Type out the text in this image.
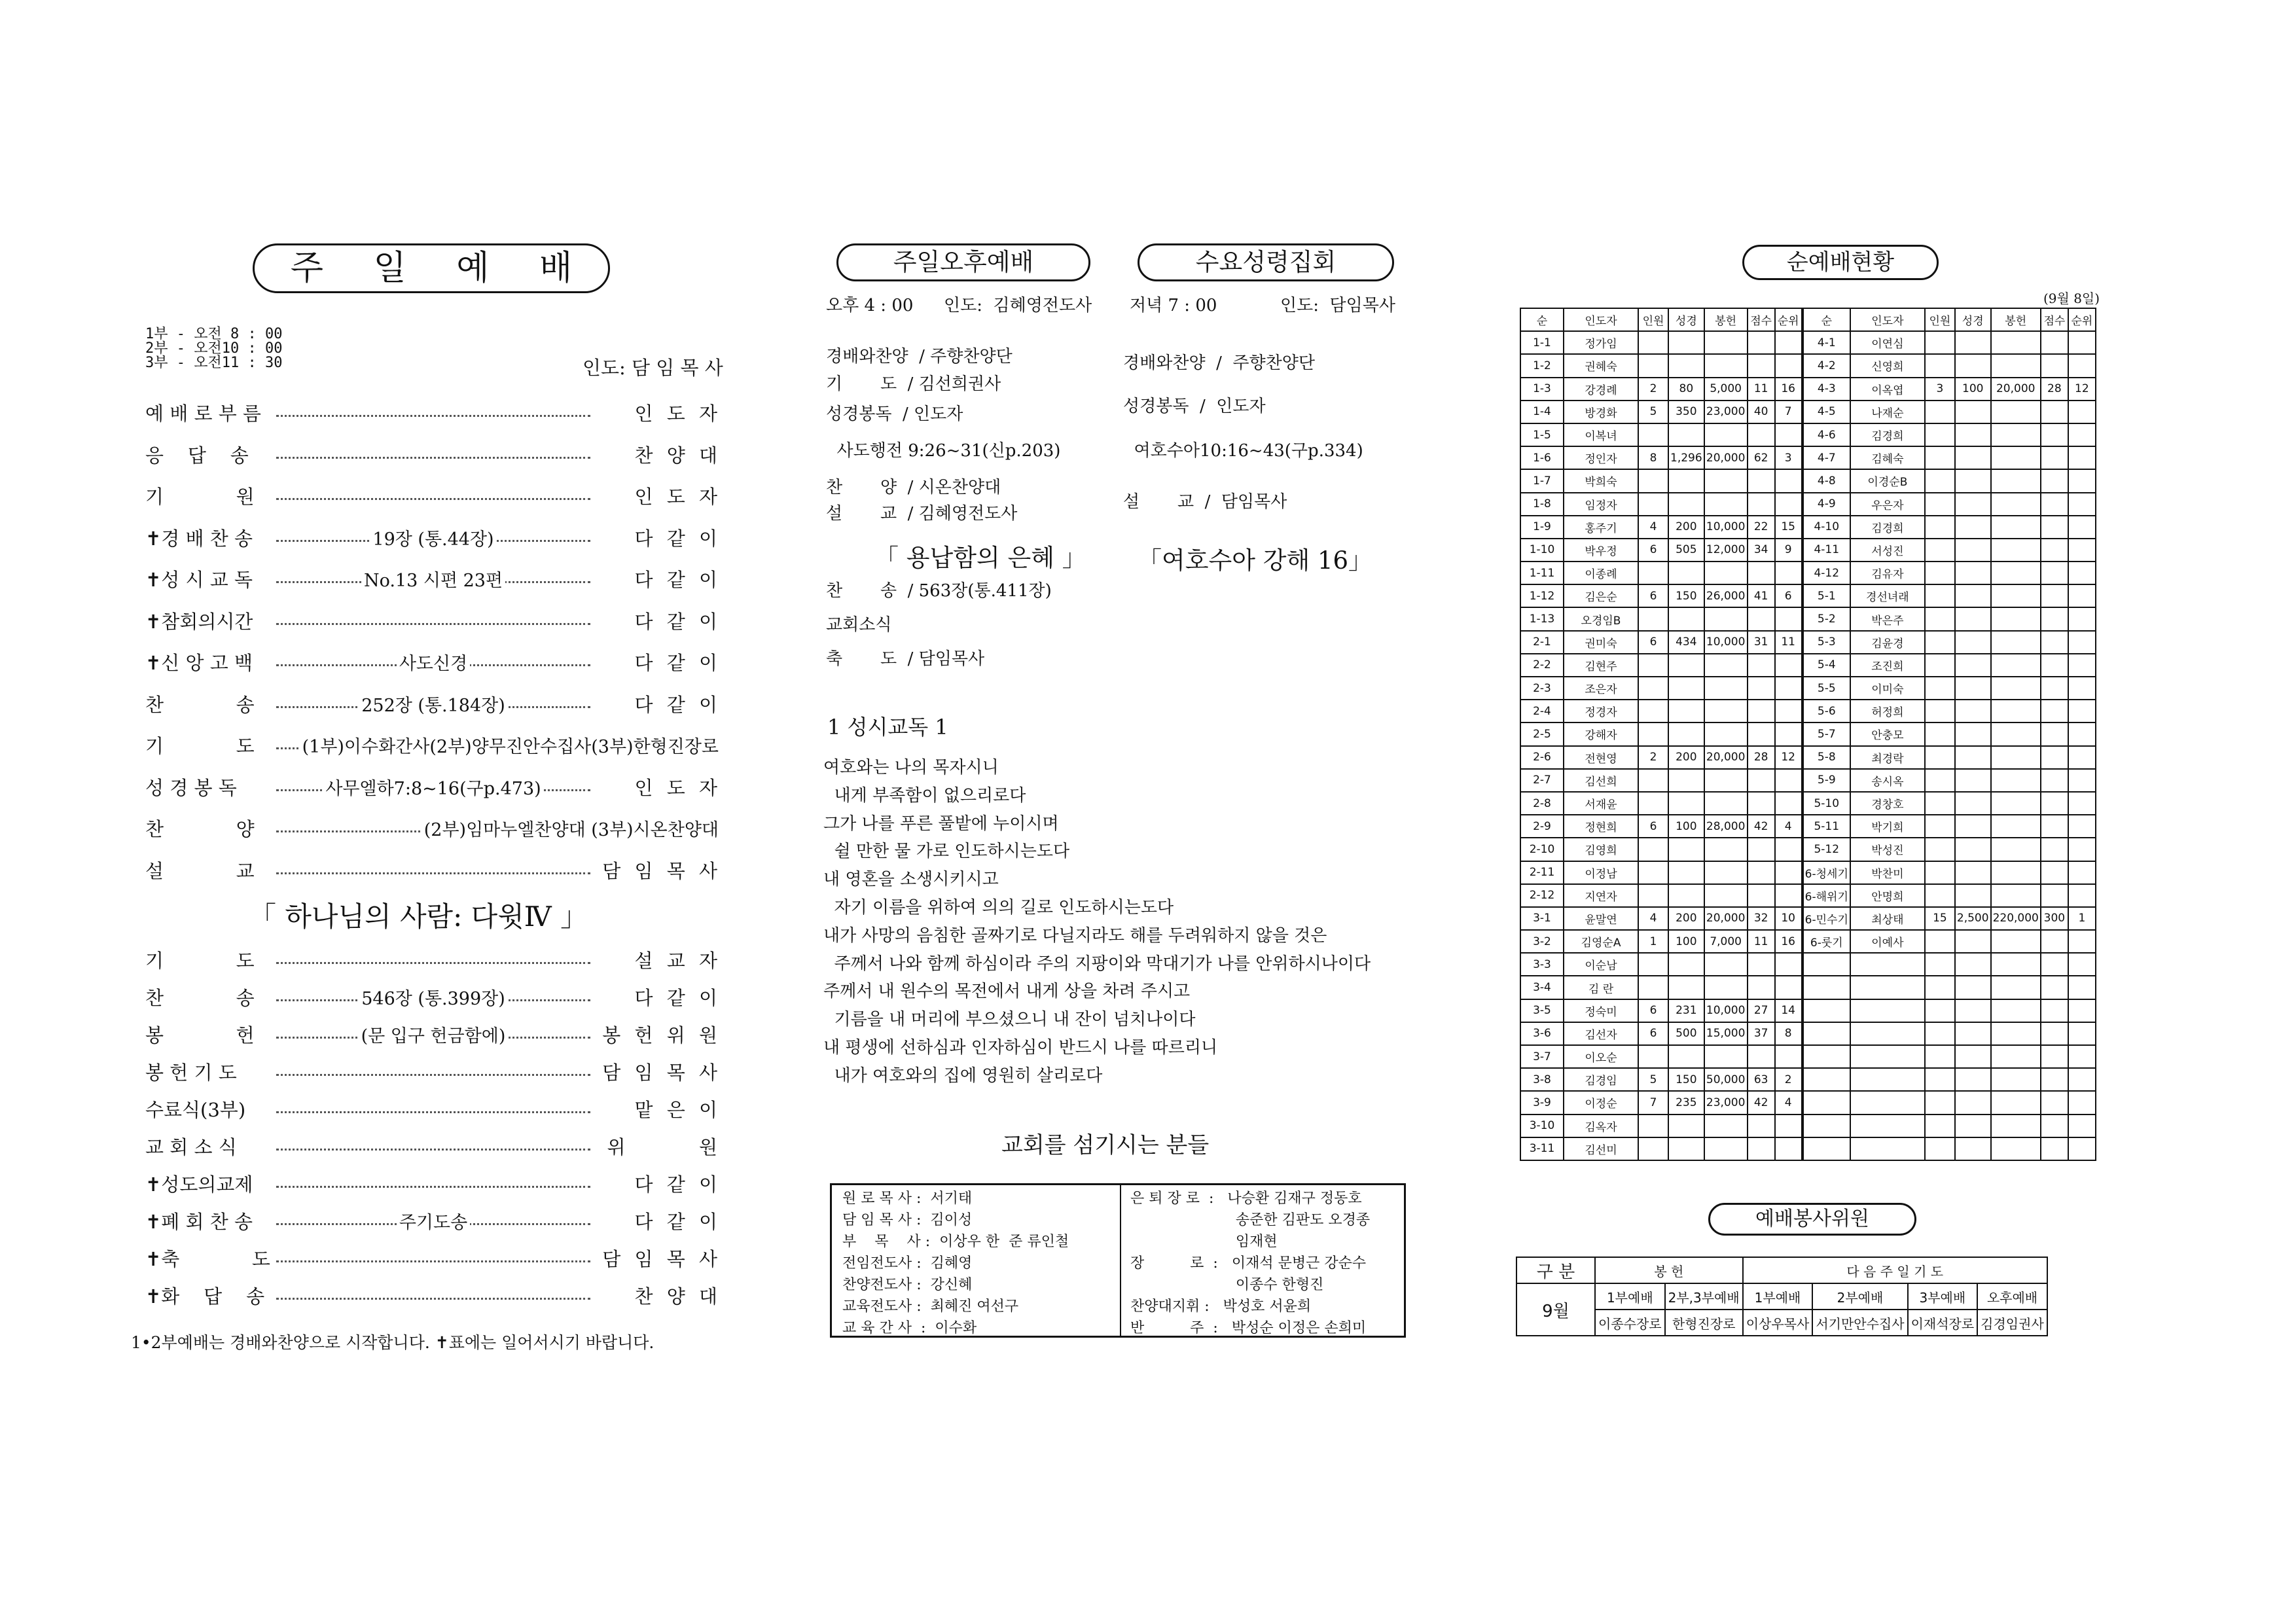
주 일 예 배
1부 - 오전 8 : 00
2부 - 오전10 : 00
3부 - 오전11 : 30	인도: 담 임 목 사
예 배 로 부 름	인 도 자
응    답    송	찬 양 대
기            원	인 도 자
✝경 배 찬 송	19장 (통.44장)	다 같 이
✝성 시 교 독	No.13 시편 23편	다 같 이
✝참회의시간	다 같 이
✝신 앙 고 백	사도신경	다 같 이
찬            송	252장 (통.184장)	다 같 이
기            도	(1부)이수화간사(2부)양무진안수집사(3부)한형진장로
성 경 봉 독	사무엘하7:8~16(구p.473)	인 도 자
찬            양	(2부)임마누엘찬양대 (3부)시온찬양대
설            교	담 임 목 사
「 하나님의 사람: 다윗Ⅳ 」
기            도	설 교 자
찬            송	546장 (통.399장)	다 같 이
봉            헌	(문 입구 헌금함에)	봉 헌 위 원
봉 헌 기 도	담 임 목 사
수료식(3부)	맡 은 이
교 회 소 식	위       원
✝성도의교제	다 같 이
✝폐 회 찬 송	주기도송	다 같 이
✝축            도	담 임 목 사
✝화    답    송	찬 양 대
1•2부예배는 경배와찬양으로 시작합니다. ✝표에는 일어서시기 바랍니다.
주일오후예배	수요성령집회
오후 4 : 00 인도:  김혜영전도사 저녁 7 : 00	인도:  담임목사
경배와찬양  / 주향찬양단
기       도  / 김선희권사
성경봉독  / 인도자
사도행전 9:26~31(신p.203)
찬       양  / 시온찬양대
설       교  / 김혜영전도사
「 용납함의 은혜 」
찬       송  / 563장(통.411장)
교회소식
축       도  / 담임목사
경배와찬양  /  주향찬양단
성경봉독  /  인도자
여호수아10:16~43(구p.334)
설       교  /  담임목사
「여호수아 강해 16」
1 성시교독 1
여호와는 나의 목자시니
내게 부족함이 없으리로다
그가 나를 푸른 풀밭에 누이시며
쉴 만한 물 가로 인도하시는도다
내 영혼을 소생시키시고
자기 이름을 위하여 의의 길로 인도하시는도다
내가 사망의 음침한 골짜기로 다닐지라도 해를 두려워하지 않을 것은
주께서 나와 함께 하심이라 주의 지팡이와 막대기가 나를 안위하시나이다
주께서 내 원수의 목전에서 내게 상을 차려 주시고
기름을 내 머리에 부으셨으니 내 잔이 넘치나이다
내 평생에 선하심과 인자하심이 반드시 나를 따르리니
내가 여호와의 집에 영원히 살리로다
교회를 섬기시는 분들
원 로 목 사 :  서기태
담 임 목 사 :  김이성
부    목    사 :  이상우 한  준 류인철
전임전도사 :  김혜영
찬양전도사 :  강신혜
교육전도사 :  최혜진 여선구
교 육 간 사  :  이수화
은 퇴 장 로  :   나승환 김재구 정동호
송준한 김판도 오경종
임재현
장          로  :   이재석 문병근 강순수
이종수 한형진
찬양대지휘 :   박성호 서윤희
반          주  :   박성순 이정은 손희미
순예배현황
(9월 8일)
순	인도자	인원	성경	봉헌	점수	순위	순	인도자	인원	성경	봉헌	점수	순위
1-1	정가임						4-1	이연심					
1-2	권혜숙						4-2	신영희					
1-3	강경례	2	80	5,000	11	16	4-3	이옥엽	3	100	20,000	28	12
1-4	방경화	5	350	23,000	40	7	4-5	나재순					
1-5	이복녀						4-6	김경희					
1-6	정인자	8	1,296	20,000	62	3	4-7	김혜숙					
1-7	박희숙						4-8	이경순B					
1-8	임정자						4-9	우은자					
1-9	홍주기	4	200	10,000	22	15	4-10	김경희					
1-10	박우정	6	505	12,000	34	9	4-11	서성진					
1-11	이종례						4-12	김유자					
1-12	김은순	6	150	26,000	41	6	5-1	경선녀래					
1-13	오경임B						5-2	박은주					
2-1	권미숙	6	434	10,000	31	11	5-3	김윤경					
2-2	김현주						5-4	조진희					
2-3	조은자						5-5	이미숙					
2-4	정경자						5-6	허정희					
2-5	강해자						5-7	안충모					
2-6	전현영	2	200	20,000	28	12	5-8	최경락					
2-7	김선희						5-9	송시옥					
2-8	서재윤						5-10	경창호					
2-9	정현희	6	100	28,000	42	4	5-11	박기희					
2-10	김영희						5-12	박성진					
2-11	이정남						6-청세기	박찬미					
2-12	지연자						6-해위기	안명희					
3-1	윤말연	4	200	20,000	32	10	6-민수기	최상태	15	2,500	220,000	300	1
3-2	김영순A	1	100	7,000	11	16	6-룻기	이예사					
3-3	이순남												
3-4	김 란												
3-5	정숙미	6	231	10,000	27	14							
3-6	김선자	6	500	15,000	37	8							
3-7	이오순												
3-8	김경임	5	150	50,000	63	2							
3-9	이정순	7	235	23,000	42	4							
3-10	김옥자												
3-11	김선미												
예배봉사위원
구 분	봉 헌		다 음 주 일 기 도			
9월	1부예배	2부,3부예배	1부예배	2부예배	3부예배	오후예배
	이종수장로	한형진장로	이상우목사	서기만안수집사	이재석장로	김경임권사
